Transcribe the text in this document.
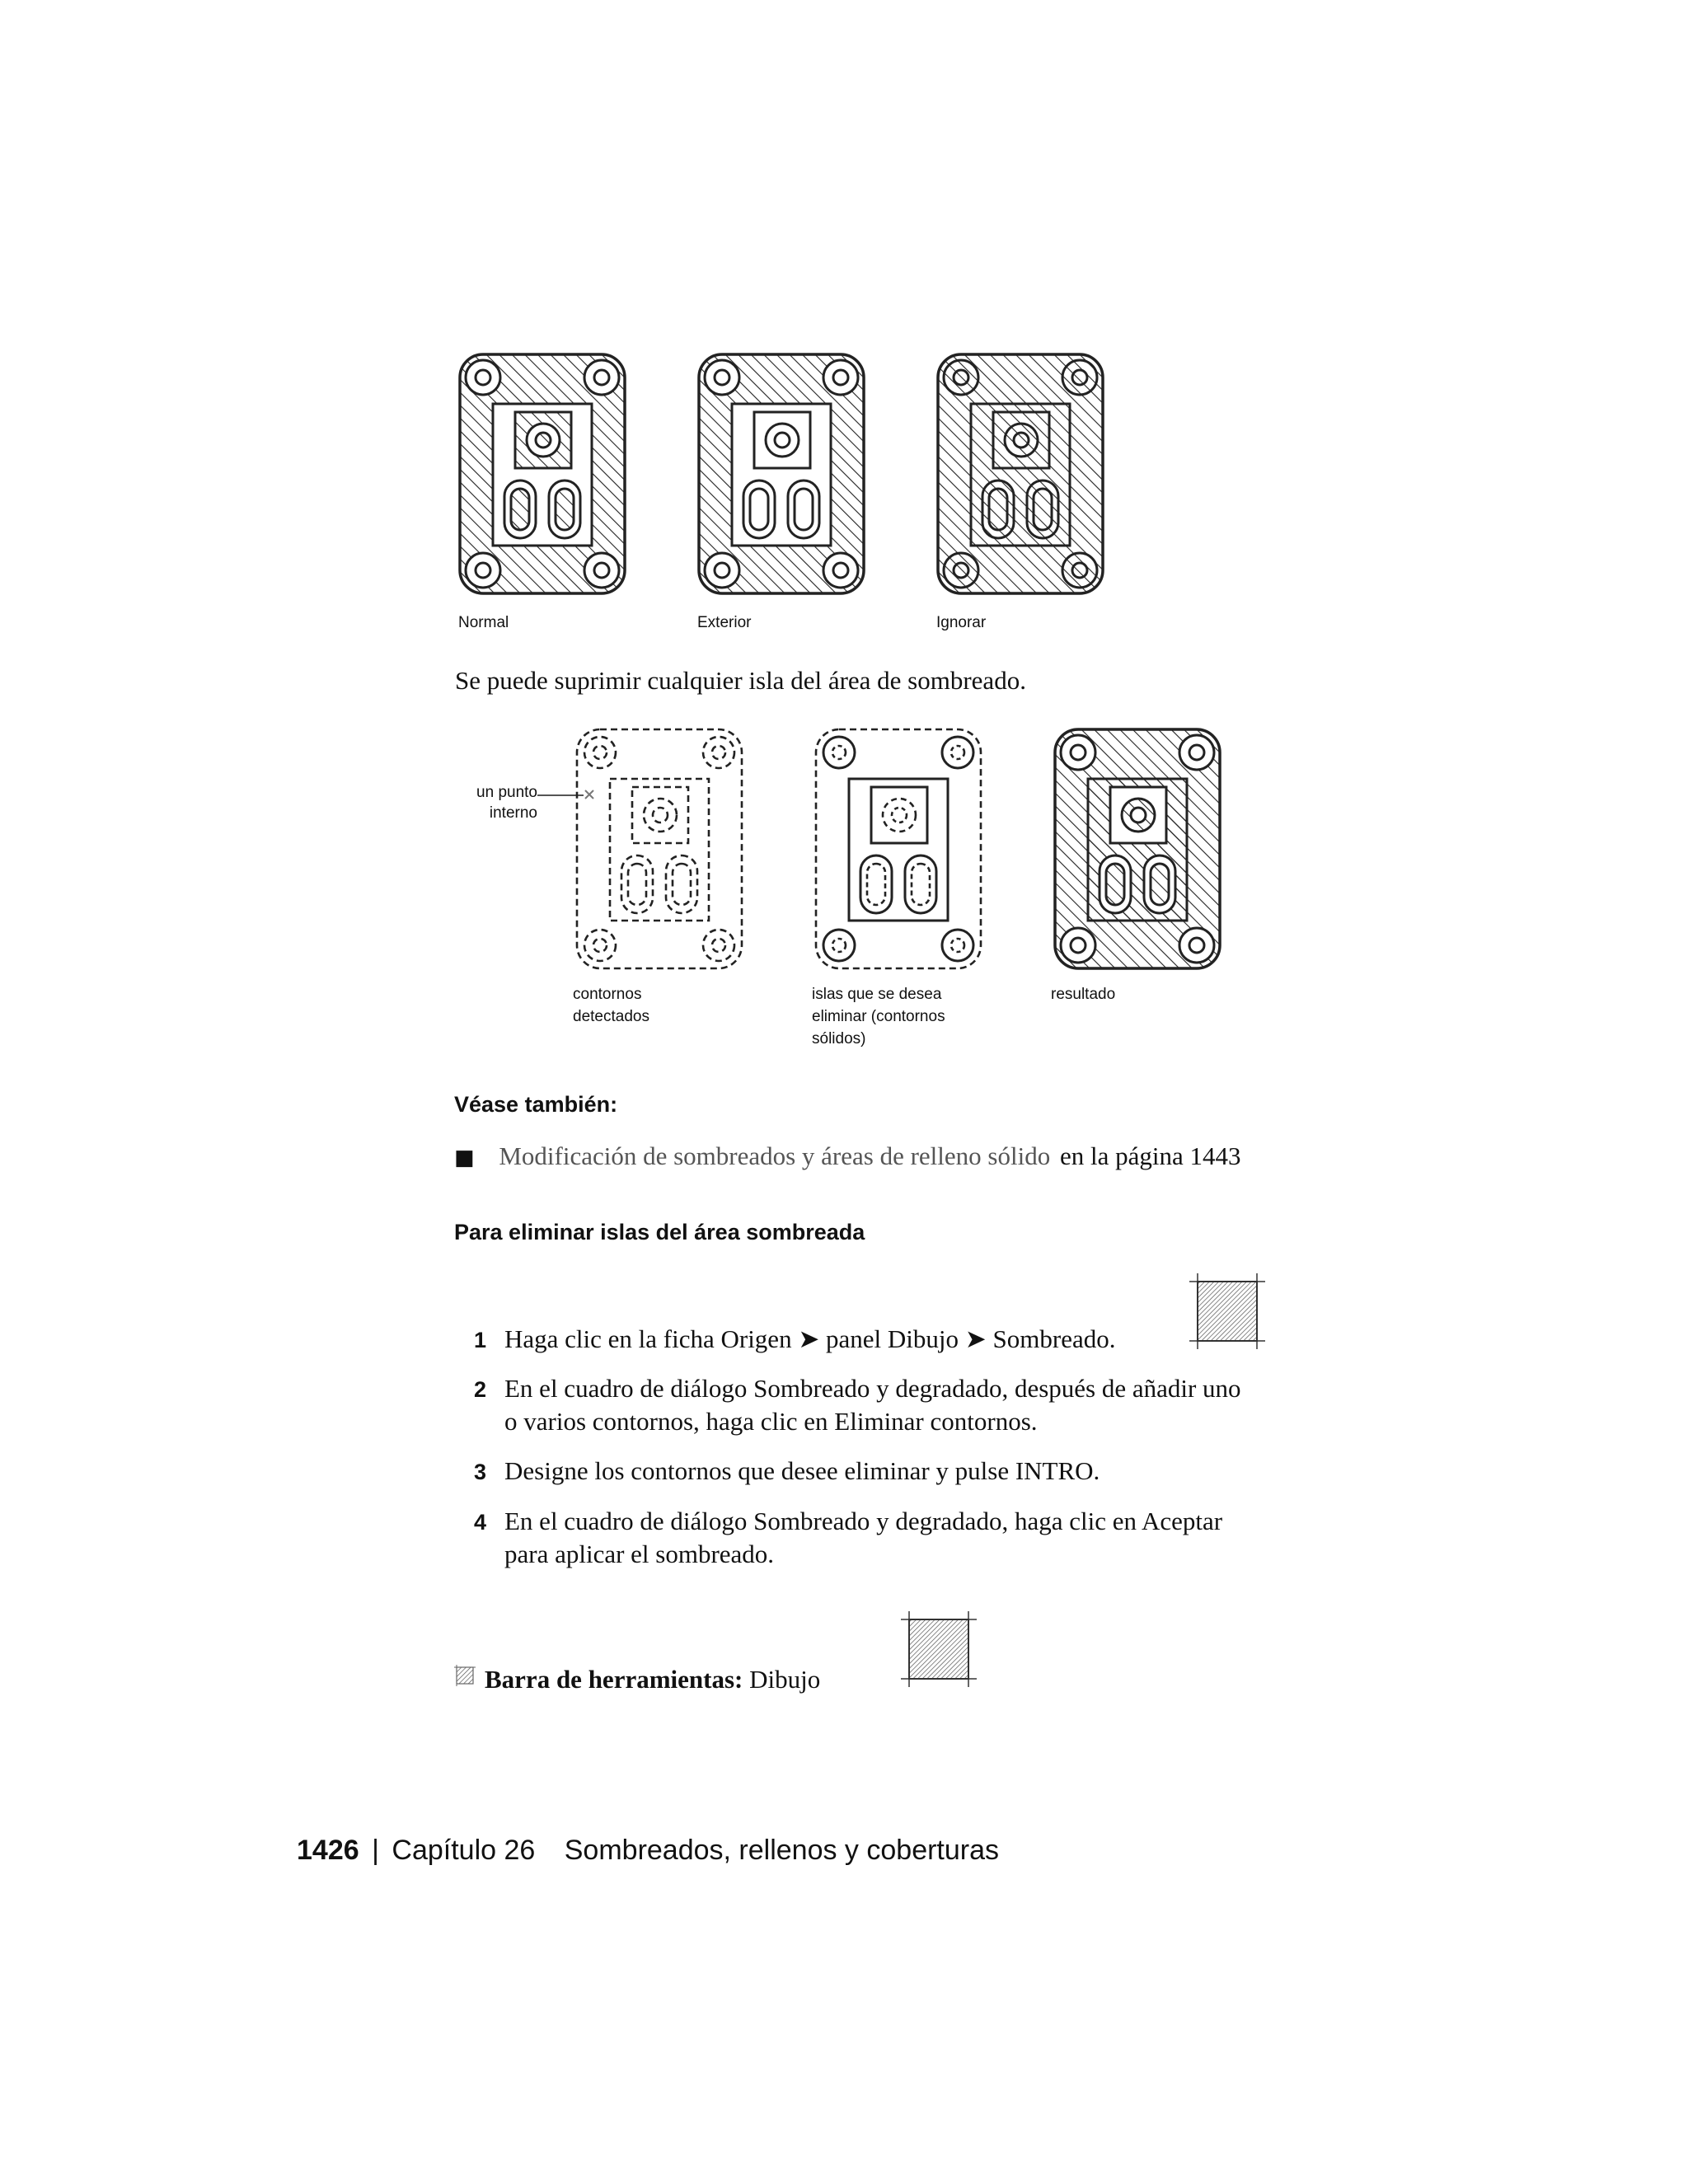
Normal	Exterior	Ignorar
Se puede suprimir cualquier isla del área de sombreado.
un punto
interno
contornos
detectados
islas que se desea
eliminar (contornos
sólidos)
resultado
Véase también:
■ Modificación de sombreados y áreas de relleno sólido en la página 1443
Para eliminar islas del área sombreada
1 Haga clic en la ficha Origen ➤ panel Dibujo ➤ Sombreado.
2 En el cuadro de diálogo Sombreado y degradado, después de añadir uno
o varios contornos, haga clic en Eliminar contornos.
3 Designe los contornos que desee eliminar y pulse INTRO.
4 En el cuadro de diálogo Sombreado y degradado, haga clic en Aceptar
para aplicar el sombreado.
Barra de herramientas: Dibujo
1426 | Capítulo 26 Sombreados, rellenos y coberturas
